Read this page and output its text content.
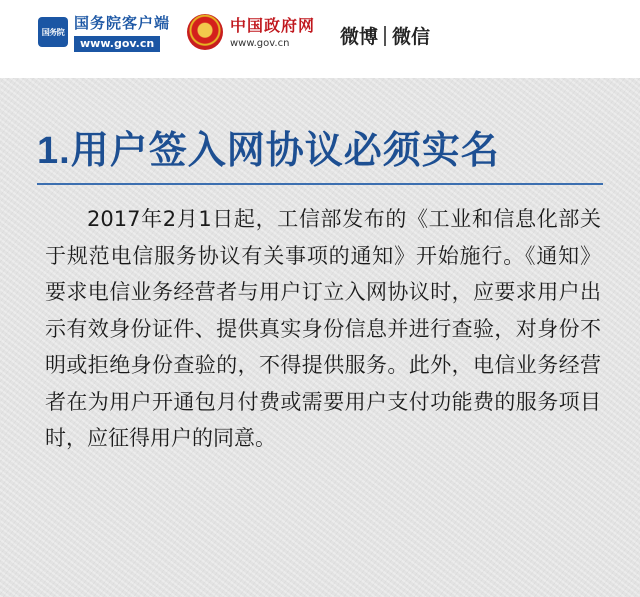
国务院 国务院客户端
www.gov.cn
中国政府网
www.gov.cn	微博 微信
1.用户签入网协议必须实名

2017年2月1日起，工信部发布的《工业和信息化部关于规范电信服务协议有关事项的通知》开始施行。《通知》要求电信业务经营者与用户订立入网协议时，应要求用户出示有效身份证件、提供真实身份信息并进行查验，对身份不明或拒绝身份查验的，不得提供服务。此外，电信业务经营者在为用户开通包月付费或需要用户支付功能费的服务项目时，应征得用户的同意。
